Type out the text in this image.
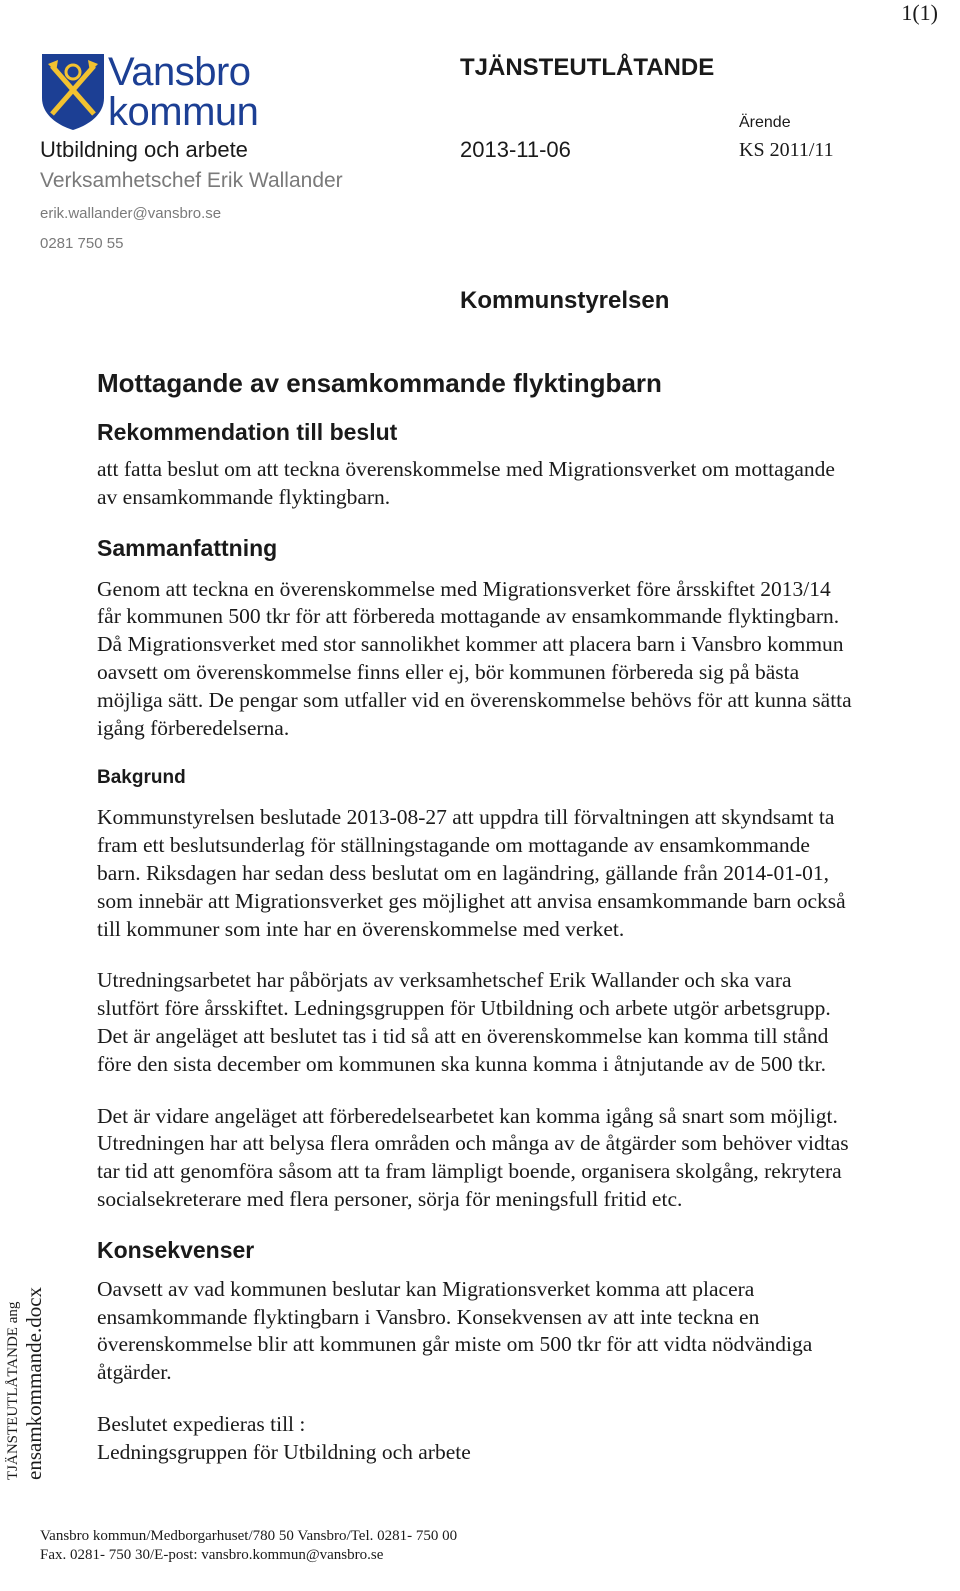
1(1)
Vansbro
kommun
TJÄNSTEUTLÅTANDE
Ärende
Utbildning och arbete	2013-11-06	KS 2011/11
Verksamhetschef Erik Wallander
erik.wallander@vansbro.se
0281 750 55
Kommunstyrelsen
Mottagande av ensamkommande flyktingbarn
Rekommendation till beslut

att fatta beslut om att teckna överenskommelse med Migrationsverket om mottagande
av ensamkommande flyktingbarn.

Sammanfattning

Genom att teckna en överenskommelse med Migrationsverket före årsskiftet 2013/14
får kommunen 500 tkr för att förbereda mottagande av ensamkommande flyktingbarn.
Då Migrationsverket med stor sannolikhet kommer att placera barn i Vansbro kommun
oavsett om överenskommelse finns eller ej, bör kommunen förbereda sig på bästa
möjliga sätt. De pengar som utfaller vid en överenskommelse behövs för att kunna sätta
igång förberedelserna.

Bakgrund

Kommunstyrelsen beslutade 2013-08-27 att uppdra till förvaltningen att skyndsamt ta
fram ett beslutsunderlag för ställningstagande om mottagande av ensamkommande
barn. Riksdagen har sedan dess beslutat om en lagändring, gällande från 2014-01-01,
som innebär att Migrationsverket ges möjlighet att anvisa ensamkommande barn också
till kommuner som inte har en överenskommelse med verket.

Utredningsarbetet har påbörjats av verksamhetschef Erik Wallander och ska vara
slutfört före årsskiftet. Ledningsgruppen för Utbildning och arbete utgör arbetsgrupp.
Det är angeläget att beslutet tas i tid så att en överenskommelse kan komma till stånd
före den sista december om kommunen ska kunna komma i åtnjutande av de 500 tkr.

Det är vidare angeläget att förberedelsearbetet kan komma igång så snart som möjligt.
Utredningen har att belysa flera områden och många av de åtgärder som behöver vidtas
tar tid att genomföra såsom att ta fram lämpligt boende, organisera skolgång, rekrytera
socialsekreterare med flera personer, sörja för meningsfull fritid etc.

Konsekvenser

Oavsett av vad kommunen beslutar kan Migrationsverket komma att placera
ensamkommande flyktingbarn i Vansbro. Konsekvensen av att inte teckna en
överenskommelse blir att kommunen går miste om 500 tkr för att vidta nödvändiga
åtgärder.

Beslutet expedieras till :
Ledningsgruppen för Utbildning och arbete

TJÄNSTEUTLÅTANDE ang ensamkommande.docx
Vansbro kommun/Medborgarhuset/780 50 Vansbro/Tel. 0281- 750 00
Fax. 0281- 750 30/E-post: vansbro.kommun@vansbro.se
